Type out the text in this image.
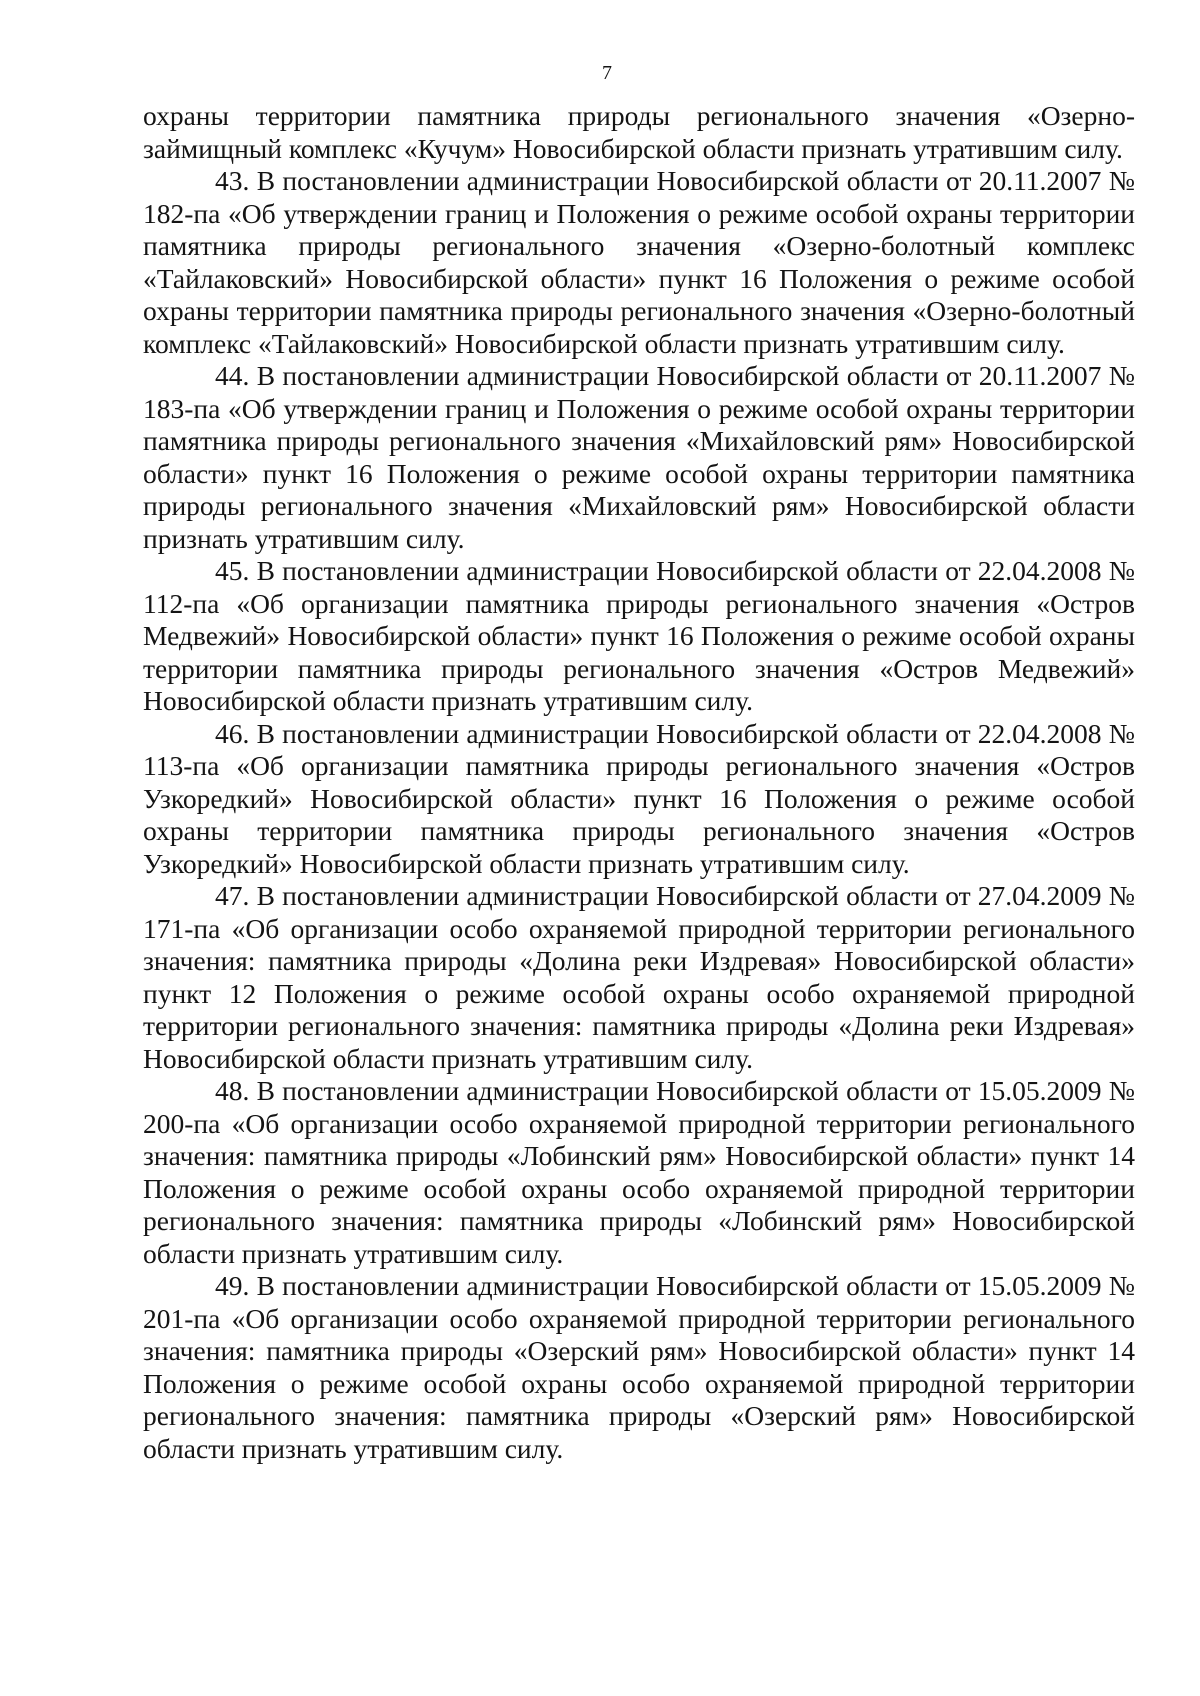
7

охраны территории памятника природы регионального значения «Озерно-займищный комплекс «Кучум» Новосибирской области признать утратившим силу.

43. В постановлении администрации Новосибирской области от 20.11.2007 № 182-па «Об утверждении границ и Положения о режиме особой охраны территории памятника природы регионального значения «Озерно-болотный комплекс «Тайлаковский» Новосибирской области» пункт 16 Положения о режиме особой охраны территории памятника природы регионального значения «Озерно-болотный комплекс «Тайлаковский» Новосибирской области признать утратившим силу.

44. В постановлении администрации Новосибирской области от 20.11.2007 № 183-па «Об утверждении границ и Положения о режиме особой охраны территории памятника природы регионального значения «Михайловский рям» Новосибирской области» пункт 16 Положения о режиме особой охраны территории памятника природы регионального значения «Михайловский рям» Новосибирской области признать утратившим силу.

45. В постановлении администрации Новосибирской области от 22.04.2008 № 112-па «Об организации памятника природы регионального значения «Остров Медвежий» Новосибирской области» пункт 16 Положения о режиме особой охраны территории памятника природы регионального значения «Остров Медвежий» Новосибирской области признать утратившим силу.

46. В постановлении администрации Новосибирской области от 22.04.2008 № 113-па «Об организации памятника природы регионального значения «Остров Узкоредкий» Новосибирской области» пункт 16 Положения о режиме особой охраны территории памятника природы регионального значения «Остров Узкоредкий» Новосибирской области признать утратившим силу.

47. В постановлении администрации Новосибирской области от 27.04.2009 № 171-па «Об организации особо охраняемой природной территории регионального значения: памятника природы «Долина реки Издревая» Новосибирской области» пункт 12 Положения о режиме особой охраны особо охраняемой природной территории регионального значения: памятника природы «Долина реки Издревая» Новосибирской области признать утратившим силу.

48. В постановлении администрации Новосибирской области от 15.05.2009 № 200-па «Об организации особо охраняемой природной территории регионального значения: памятника природы «Лобинский рям» Новосибирской области» пункт 14 Положения о режиме особой охраны особо охраняемой природной территории регионального значения: памятника природы «Лобинский рям» Новосибирской области признать утратившим силу.

49. В постановлении администрации Новосибирской области от 15.05.2009 № 201-па «Об организации особо охраняемой природной территории регионального значения: памятника природы «Озерский рям» Новосибирской области» пункт 14 Положения о режиме особой охраны особо охраняемой природной территории регионального значения: памятника природы «Озерский рям» Новосибирской области признать утратившим силу.
